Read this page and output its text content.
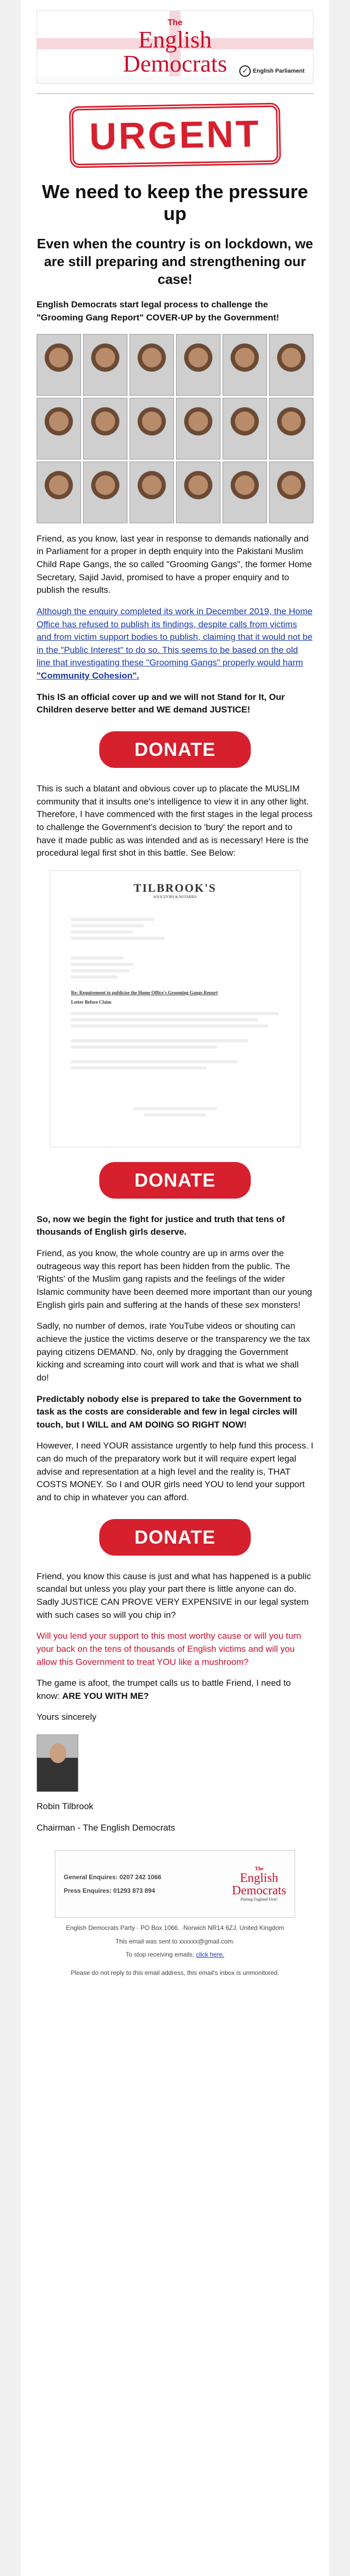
The
English
Democrats	✓ English Parliament
URGENT
We need to keep the pressure up
Even when the country is on lockdown, we are still preparing and strengthening our case!

English Democrats start legal process to challenge the "Grooming Gang Report" COVER-UP by the Government!

Friend, as you know, last year in response to demands nationally and in Parliament for a proper in depth enquiry into the Pakistani Muslim Child Rape Gangs, the so called "Grooming Gangs", the former Home Secretary, Sajid Javid, promised to have a proper enquiry and to publish the results.

Although the enquiry completed its work in December 2019, the Home Office has refused to publish its findings, despite calls from victims and from victim support bodies to publish, claiming that it would not be in the "Public Interest" to do so. This seems to be based on the old line that investigating these "Grooming Gangs" properly would harm "Community Cohesion".

This IS an official cover up and we will not Stand for It, Our Children deserve better and WE demand JUSTICE!

DONATE

This is such a blatant and obvious cover up to placate the MUSLIM community that it insults one's intelligence to view it in any other light. Therefore, I have commenced with the first stages in the legal process to challenge the Government's decision to 'bury' the report and to have it made public as was intended and as is necessary! Here is the procedural legal first shot in this battle. See Below:

TILBROOK'S
SOLICITORS & NOTARIES
Re: Requirement to publicise the Home Office's Grooming Gangs Report
Letter Before Claim
DONATE

So, now we begin the fight for justice and truth that tens of thousands of English girls deserve.

Friend, as you know, the whole country are up in arms over the outrageous way this report has been hidden from the public. The 'Rights' of the Muslim gang rapists and the feelings of the wider Islamic community have been deemed more important than our young English girls pain and suffering at the hands of these sex monsters!

Sadly, no number of demos, irate YouTube videos or shouting can achieve the justice the victims deserve or the transparency we the tax paying citizens DEMAND. No, only by dragging the Government kicking and screaming into court will work and that is what we shall do!

Predictably nobody else is prepared to take the Government to task as the costs are considerable and few in legal circles will touch, but I WILL and AM DOING SO RIGHT NOW!

However, I need YOUR assistance urgently to help fund this process. I can do much of the preparatory work but it will require expert legal advise and representation at a high level and the reality is, THAT COSTS MONEY. So I and OUR girls need YOU to lend your support and to chip in whatever you can afford.

DONATE

Friend, you know this cause is just and what has happened is a public scandal but unless you play your part there is little anyone can do. Sadly JUSTICE CAN PROVE VERY EXPENSIVE in our legal system with such cases so will you chip in?

Will you lend your support to this most worthy cause or will you turn your back on the tens of thousands of English victims and will you allow this Government to treat YOU like a mushroom?

The game is afoot, the trumpet calls us to battle Friend, I need to know: ARE YOU WITH ME?

Yours sincerely

Robin Tilbrook

Chairman - The English Democrats

General Enquires: 0207 242 1066
Press Enquires: 01293 873 894
The
English
Democrats
Putting England First!
English Democrats Party · PO Box 1066, ·Norwich NR14 6ZJ, United Kingdom
This email was sent to xxxxxx@gmail.com.
To stop receiving emails, click here.
Please do not reply to this email address, this email's inbox is unmonitored.
